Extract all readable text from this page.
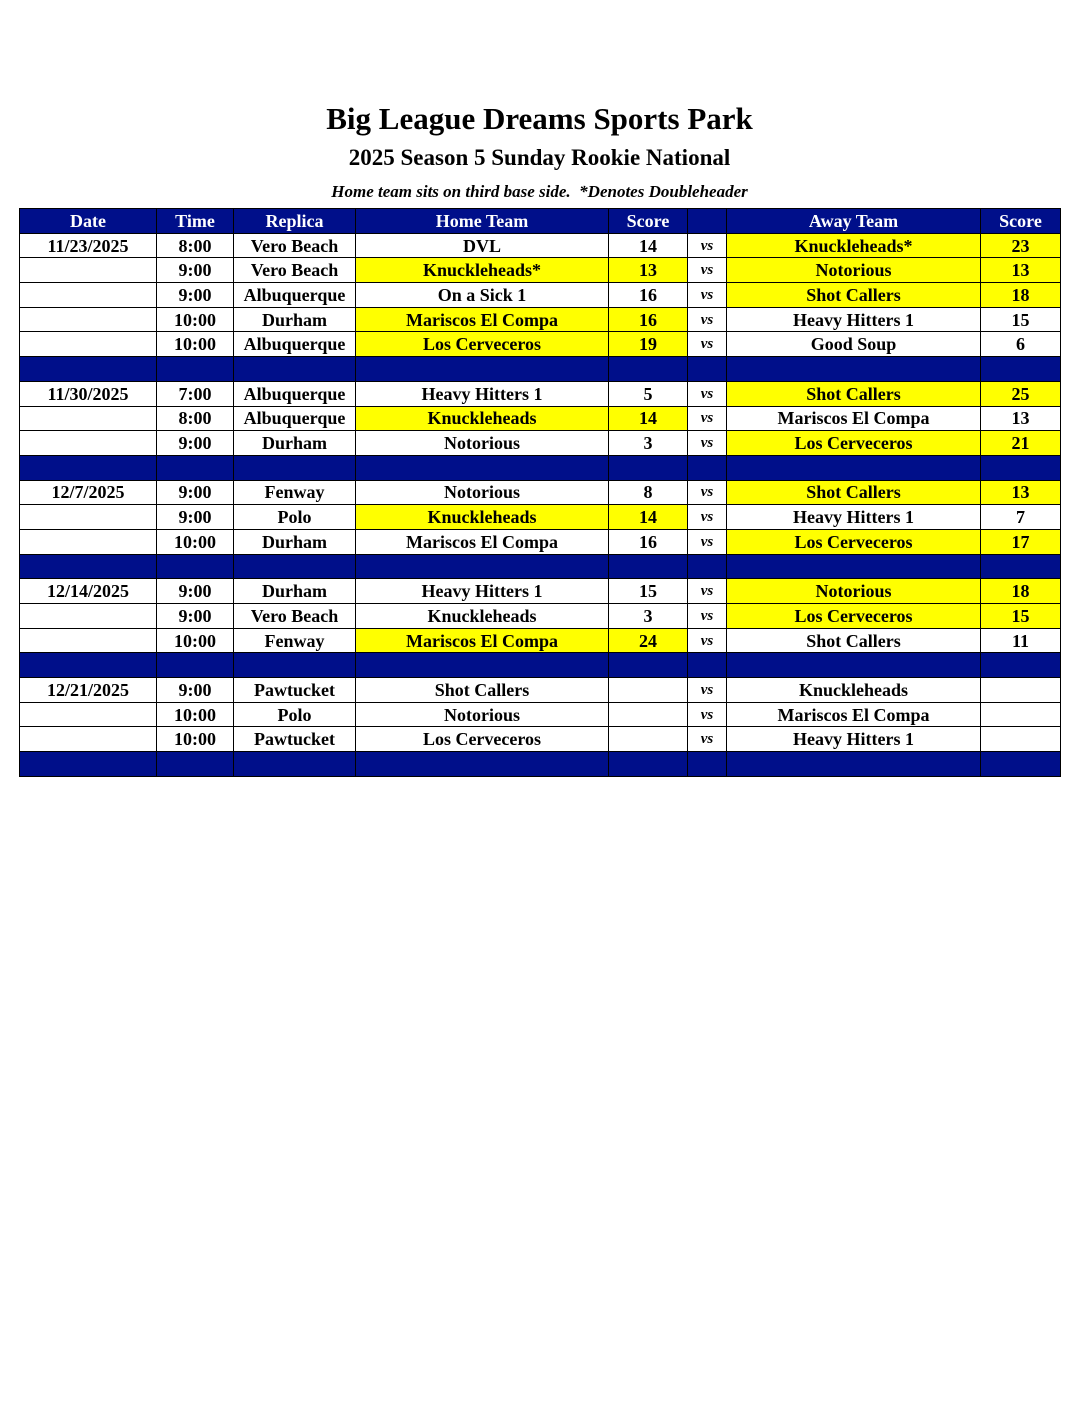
Big League Dreams Sports Park
2025 Season 5 Sunday Rookie National
Home team sits on third base side.  *Denotes Doubleheader
Date	Time	Replica	Home Team	Score		Away Team	Score
11/23/2025	8:00	Vero Beach	DVL	14	vs	Knuckleheads*	23
	9:00	Vero Beach	Knuckleheads*	13	vs	Notorious	13
	9:00	Albuquerque	On a Sick 1	16	vs	Shot Callers	18
	10:00	Durham	Mariscos El Compa	16	vs	Heavy Hitters 1	15
	10:00	Albuquerque	Los Cerveceros	19	vs	Good Soup	6

11/30/2025	7:00	Albuquerque	Heavy Hitters 1	5	vs	Shot Callers	25
	8:00	Albuquerque	Knuckleheads	14	vs	Mariscos El Compa	13
	9:00	Durham	Notorious	3	vs	Los Cerveceros	21

12/7/2025	9:00	Fenway	Notorious	8	vs	Shot Callers	13
	9:00	Polo	Knuckleheads	14	vs	Heavy Hitters 1	7
	10:00	Durham	Mariscos El Compa	16	vs	Los Cerveceros	17

12/14/2025	9:00	Durham	Heavy Hitters 1	15	vs	Notorious	18
	9:00	Vero Beach	Knuckleheads	3	vs	Los Cerveceros	15
	10:00	Fenway	Mariscos El Compa	24	vs	Shot Callers	11

12/21/2025	9:00	Pawtucket	Shot Callers		vs	Knuckleheads	
	10:00	Polo	Notorious		vs	Mariscos El Compa	
	10:00	Pawtucket	Los Cerveceros		vs	Heavy Hitters 1	
